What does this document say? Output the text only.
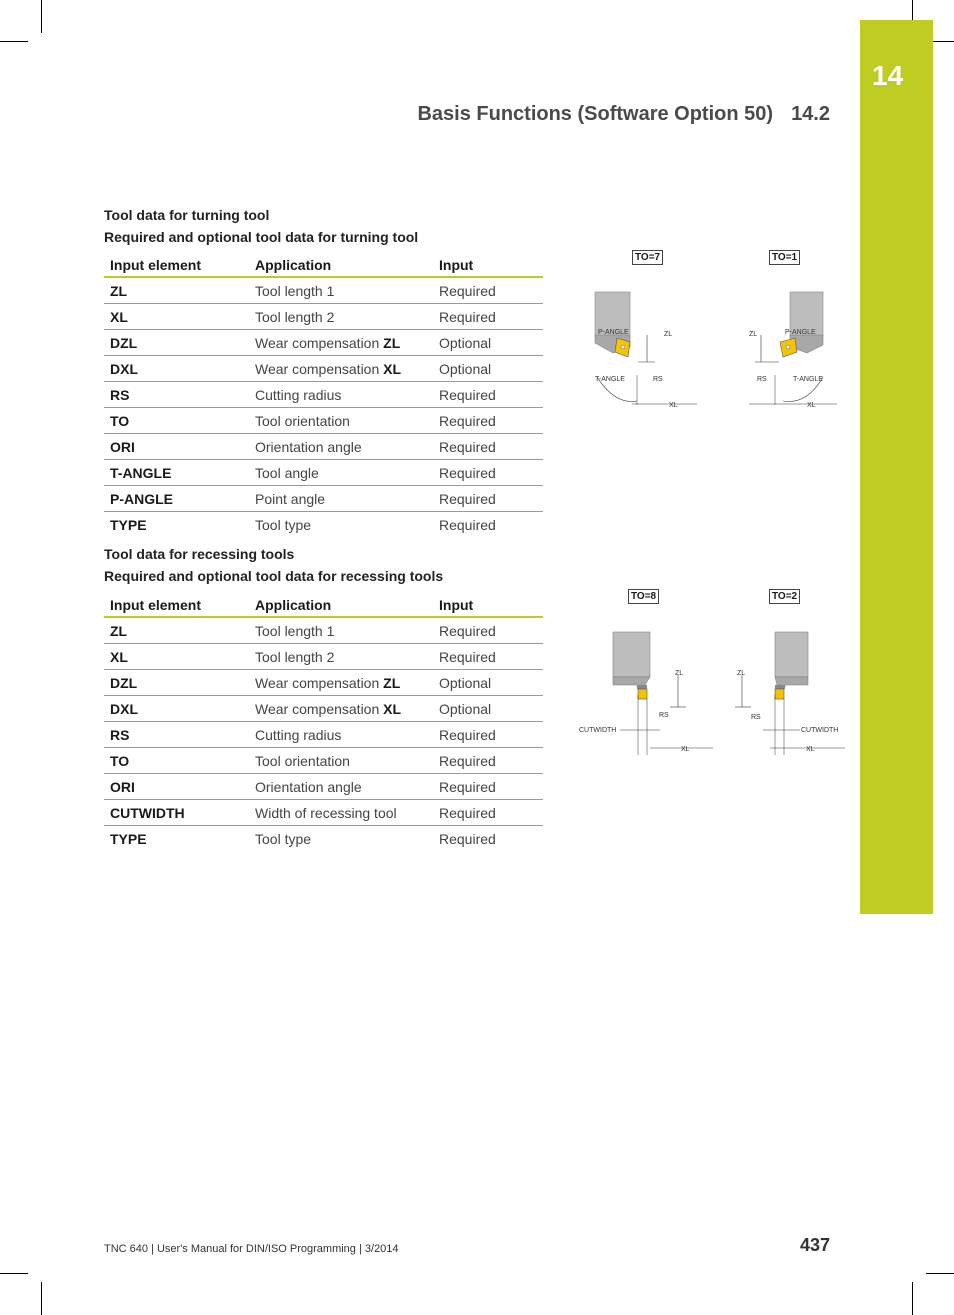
14
Basis Functions (Software Option 50) 14.2
Tool data for turning tool
Required and optional tool data for turning tool
Input element	Application	Input
ZL	Tool length 1	Required
XL	Tool length 2	Required
DZL	Wear compensation ZL	Optional
DXL	Wear compensation XL	Optional
RS	Cutting radius	Required
TO	Tool orientation	Required
ORI	Orientation angle	Required
T-ANGLE	Tool angle	Required
P-ANGLE	Point angle	Required
TYPE	Tool type	Required
Tool data for recessing tools
Required and optional tool data for recessing tools
Input element	Application	Input
ZL	Tool length 1	Required
XL	Tool length 2	Required
DZL	Wear compensation ZL	Optional
DXL	Wear compensation XL	Optional
RS	Cutting radius	Required
TO	Tool orientation	Required
ORI	Orientation angle	Required
CUTWIDTH	Width of recessing tool	Required
TYPE	Tool type	Required
TO=7
P-ANGLE	ZL
T-ANGLE	RS
XL
TO=1
P-ANGLE
ZL
T-ANGLE
RS
XL
TO=8
ZL
RS
CUTWIDTH
XL
TO=2
ZL
RS
CUTWIDTH
XL
TNC 640 | User's Manual for DIN/ISO Programming | 3/2014	437
